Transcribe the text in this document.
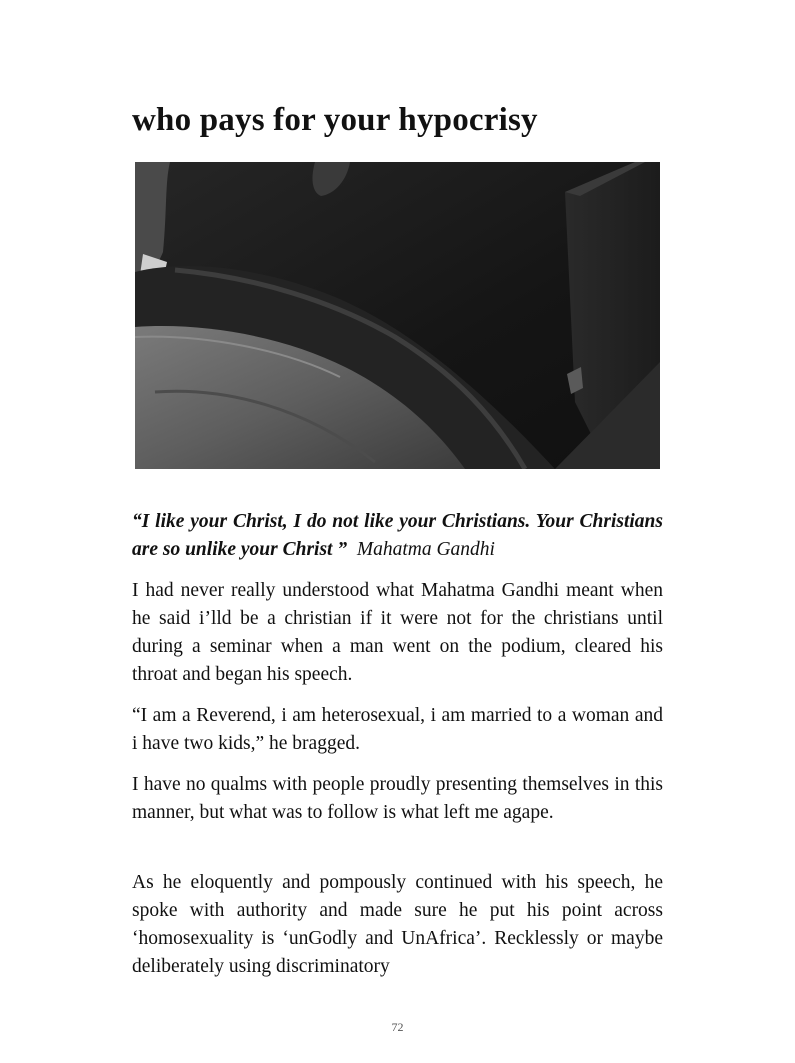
who pays for your hypocrisy

“I like your Christ, I do not like your Christians. Your Christians are so unlike your Christ ” Mahatma Gandhi

I had never really understood what Mahatma Gandhi meant when he said i’lld be a christian if it were not for the christians until during a seminar when a man went on the podium, cleared his throat and began his speech.

“I am a Reverend, i am heterosexual, i am married to a woman and i have two kids,” he bragged.

I have no qualms with people proudly presenting themselves in this manner, but what was to follow is what left me agape.

As he eloquently and pompously continued with his speech, he spoke with authority and made sure he put his point across ‘homosexuality is ‘unGodly and UnAfrica’. Recklessly or maybe deliberately using discriminatory

72
